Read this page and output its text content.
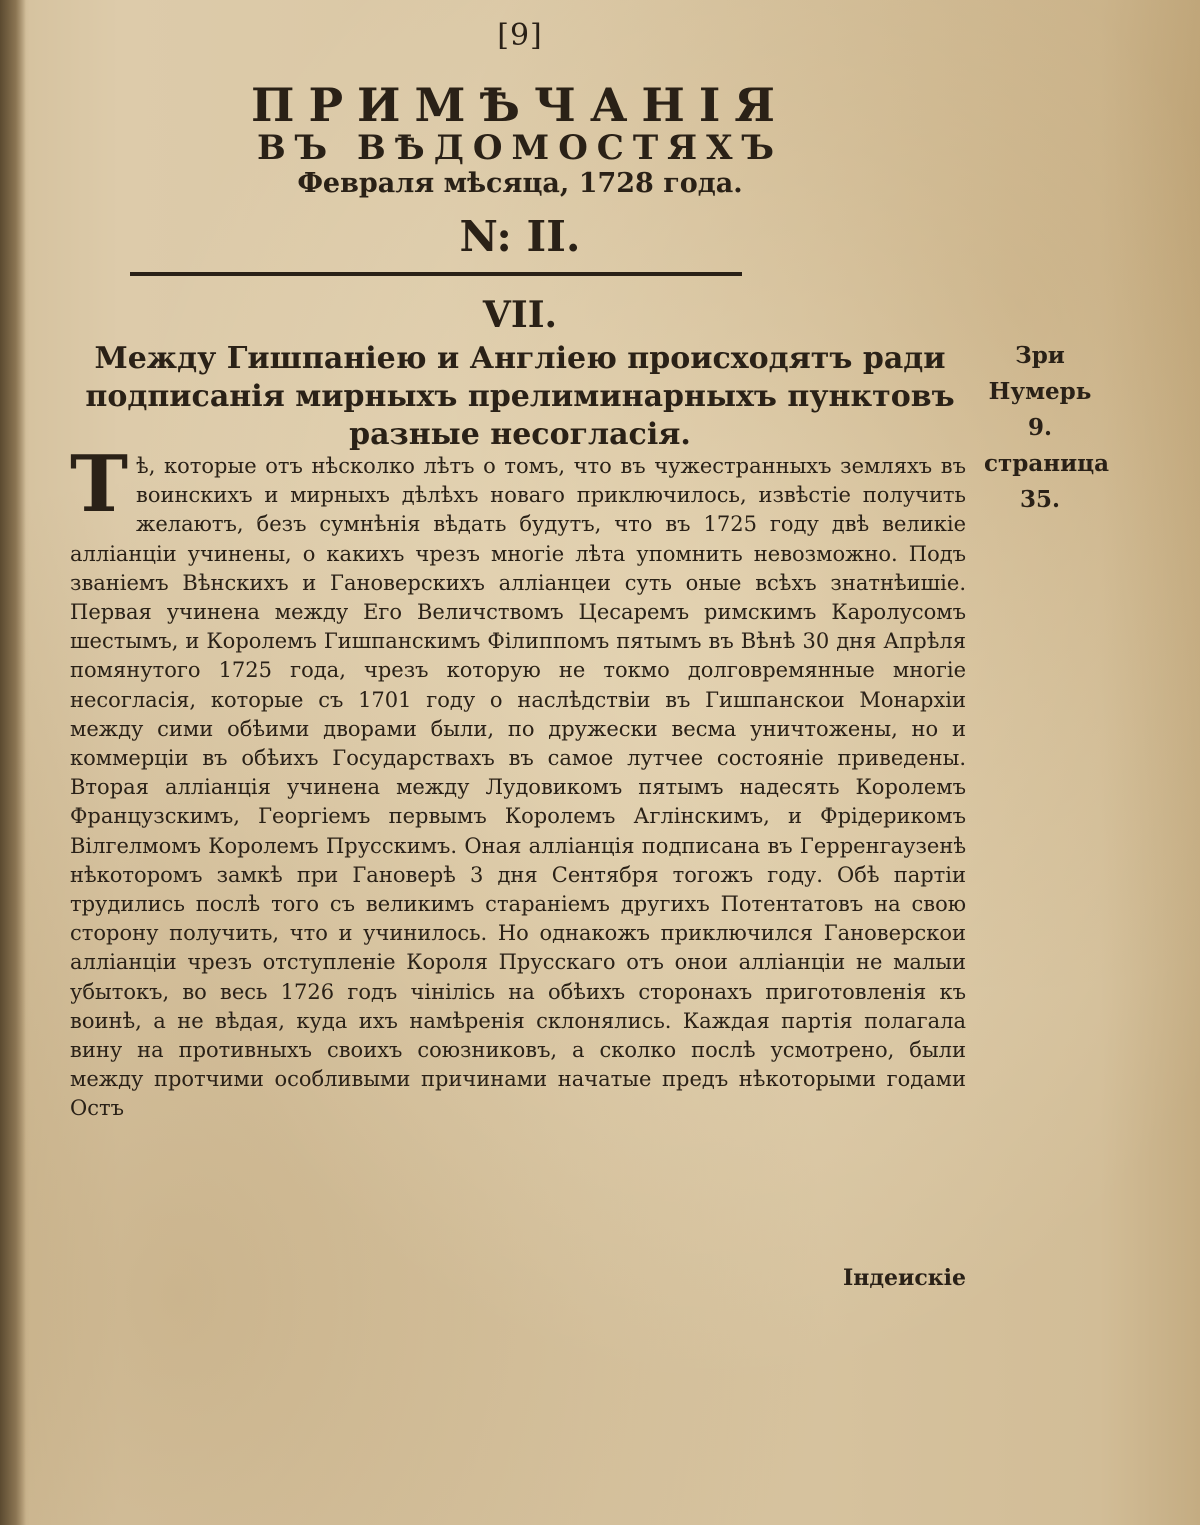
[9]
ПРИМѢЧАНІЯ
ВЪ ВѢДОМОСТЯХЪ
Февраля мѣсяца, 1728 года.
N: II.
VII.
Между Гишпаніею и Англіею происходятъ ради подписанія мирныхъ прелиминарныхъ пунктовъ разные несогласія.
Зри Нумерь 9. страницa 35.
Тѣ, которые отъ нѣсколко лѣтъ о томъ, что въ чужестранныхъ земляхъ въ воинскихъ и мирныхъ дѣлѣхъ новаго приключилось, извѣстіе получить желаютъ, безъ сумнѣнія вѣдать будутъ, что въ 1725 году двѣ великіе алліанціи учинены, о какихъ чрезъ многіе лѣта упомнить невозможно. Подъ званіемъ Вѣнскихъ и Гановерскихъ алліанцеи суть оные всѣхъ знатнѣишіе. Первая учинена между Его Величствомъ Цесаремъ римскимъ Каролусомъ шестымъ, и Королемъ Гишпанскимъ Філиппомъ пятымъ въ Вѣнѣ 30 дня Апрѣля помянутого 1725 года, чрезъ которую не токмо долговремянные многіе несогласія, которые съ 1701 году о наслѣдствіи въ Гишпанскои Монархіи между сими обѣими дворами были, по дружески весма уничтожены, но и коммерціи въ обѣихъ Государствахъ въ самое лутчее состояніе приведены. Вторая алліанція учинена между Лудовикомъ пятымъ надесять Королемъ Французскимъ, Георгіемъ первымъ Королемъ Аглінскимъ, и Фрідерикомъ Вілгелмомъ Королемъ Прусскимъ. Оная алліанція подписана въ Герренгаузенѣ нѣкоторомъ замкѣ при Гановерѣ 3 дня Сентября тогожъ году. Обѣ партіи трудились послѣ того съ великимъ стараніемъ другихъ Потентатовъ на свою сторону получить, что и учинилось. Но однакожъ приключился Гановерскои алліанціи чрезъ отступленіе Короля Прусскаго отъ онои алліанціи не малыи убытокъ, во весь 1726 годъ чінілісь на обѣихъ сторонахъ приготовленія къ воинѣ, а не вѣдая, куда ихъ намѣренія склонялись. Каждая партія полагала вину на противныхъ своихъ союзниковъ, а сколко послѣ усмотрено, были между протчими особливыми причинами начатые предъ нѣкоторыми годами Остъ
Індеискіе
